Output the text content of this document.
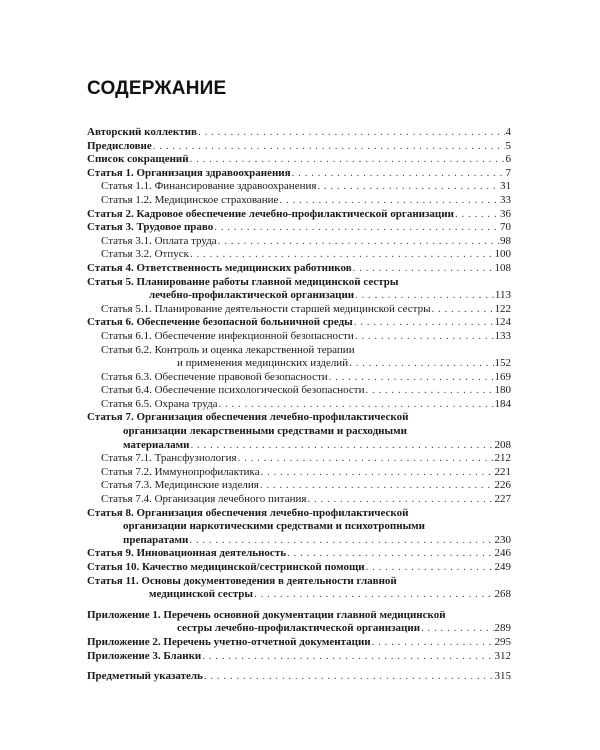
СОДЕРЖАНИЕ
Авторский коллектив . . .	4
Предисловие . . .	5
Список сокращений . . .	6
Статья 1. Организация здравоохранения . . .	7
Статья 1.1. Финансирование здравоохранения . . .	31
Статья 1.2. Медицинское страхование . . .	33
Статья 2. Кадровое обеспечение лечебно-профилактической организации . . .	36
Статья 3. Трудовое право . . .	70
Статья 3.1. Оплата труда . . .	98
Статья 3.2. Отпуск . . .	100
Статья 4. Ответственность медицинских работников . . .	108
Статья 5. Планирование работы главной медицинской сестры
лечебно-профилактической организации . . .	113
Статья 5.1. Планирование деятельности старшей медицинской сестры . . .	122
Статья 6. Обеспечение безопасной больничной среды . . .	124
Статья 6.1. Обеспечение инфекционной безопасности . . .	133
Статья 6.2. Контроль и оценка лекарственной терапии
и применения медицинских изделий . . .	152
Статья 6.3. Обеспечение правовой безопасности . . .	169
Статья 6.4. Обеспечение психологической безопасности . . .	180
Статья 6.5. Охрана труда . . .	184
Статья 7. Организация обеспечения лечебно-профилактической
организации лекарственными средствами и расходными
материалами . . .	208
Статья 7.1. Трансфузиология . . .	212
Статья 7.2. Иммунопрофилактика . . .	221
Статья 7.3. Медицинские изделия . . .	226
Статья 7.4. Организация лечебного питания . . .	227
Статья 8. Организация обеспечения лечебно-профилактической
организации наркотическими средствами и психотропными
препаратами . . .	230
Статья 9. Инновационная деятельность . . .	246
Статья 10. Качество медицинской/сестринской помощи . . .	249
Статья 11. Основы документоведения в деятельности главной
медицинской сестры . . .	268
Приложение 1. Перечень основной документации главной медицинской
сестры лечебно-профилактической организации . . .	289
Приложение 2. Перечень учетно-отчетной документации . . .	295
Приложение 3. Бланки . . .	312
Предметный указатель . . .	315
